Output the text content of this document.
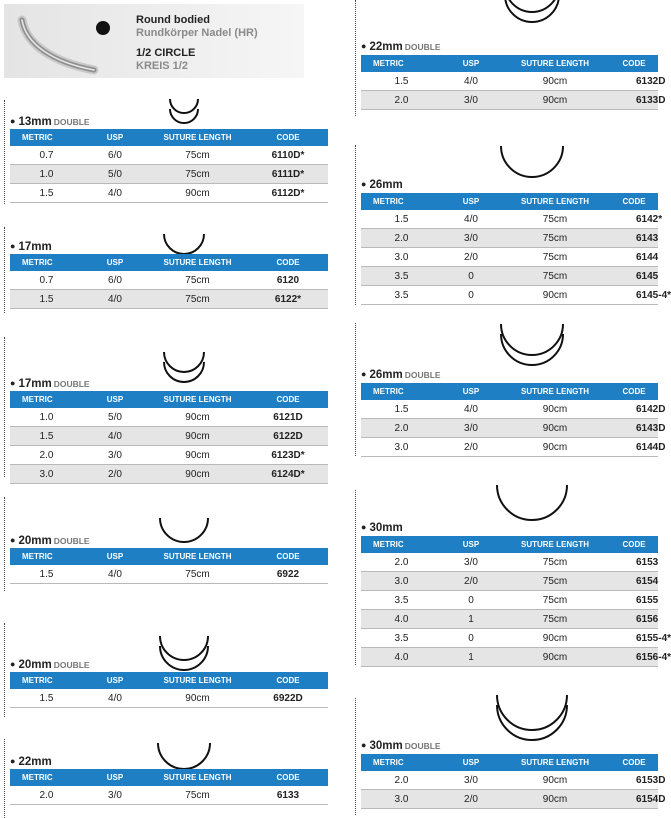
Round bodied
Rundkörper Nadel (HR)
1/2 CIRCLE
KREIS 1/2
● 13mm DOUBLE
METRIC	USP	SUTURE LENGTH	CODE
0.7	6/0	75cm	6110D*
1.0	5/0	75cm	6111D*
1.5	4/0	90cm	6112D*
● 17mm
METRIC	USP	SUTURE LENGTH	CODE
0.7	6/0	75cm	6120
1.5	4/0	75cm	6122*
● 17mm DOUBLE
METRIC	USP	SUTURE LENGTH	CODE
1.0	5/0	90cm	6121D
1.5	4/0	90cm	6122D
2.0	3/0	90cm	6123D*
3.0	2/0	90cm	6124D*
● 20mm DOUBLE
METRIC	USP	SUTURE LENGTH	CODE
1.5	4/0	75cm	6922
● 20mm DOUBLE
METRIC	USP	SUTURE LENGTH	CODE
1.5	4/0	90cm	6922D
● 22mm
METRIC	USP	SUTURE LENGTH	CODE
2.0	3/0	75cm	6133
● 22mm DOUBLE
METRIC	USP	SUTURE LENGTH	CODE
1.5	4/0	90cm	6132D
2.0	3/0	90cm	6133D
● 26mm
METRIC	USP	SUTURE LENGTH	CODE
1.5	4/0	75cm	6142*
2.0	3/0	75cm	6143
3.0	2/0	75cm	6144
3.5	0	75cm	6145
3.5	0	90cm	6145-4*
● 26mm DOUBLE
METRIC	USP	SUTURE LENGTH	CODE
1.5	4/0	90cm	6142D
2.0	3/0	90cm	6143D
3.0	2/0	90cm	6144D
● 30mm
METRIC	USP	SUTURE LENGTH	CODE
2.0	3/0	75cm	6153
3.0	2/0	75cm	6154
3.5	0	75cm	6155
4.0	1	75cm	6156
3.5	0	90cm	6155-4*
4.0	1	90cm	6156-4*
● 30mm DOUBLE
METRIC	USP	SUTURE LENGTH	CODE
2.0	3/0	90cm	6153D
3.0	2/0	90cm	6154D
